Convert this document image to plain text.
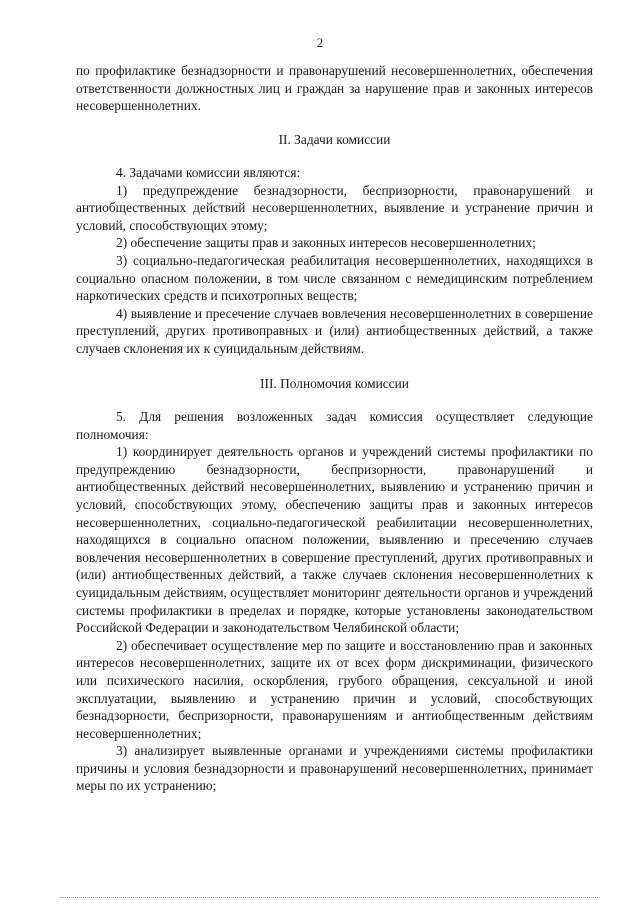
2

по профилактике безнадзорности и правонарушений несовершеннолетних, обеспечения ответственности должностных лиц и граждан за нарушение прав и законных интересов несовершеннолетних.

II. Задачи комиссии

4. Задачами комиссии являются:

1) предупреждение безнадзорности, беспризорности, правонарушений и антиобщественных действий несовершеннолетних, выявление и устранение причин и условий, способствующих этому;

2) обеспечение защиты прав и законных интересов несовершеннолетних;

3) социально-педагогическая реабилитация несовершеннолетних, находящихся в социально опасном положении, в том числе связанном с немедицинским потреблением наркотических средств и психотропных веществ;

4) выявление и пресечение случаев вовлечения несовершеннолетних в совершение преступлений, других противоправных и (или) антиобщественных действий, а также случаев склонения их к суицидальным действиям.

III. Полномочия комиссии

5. Для решения возложенных задач комиссия осуществляет следующие полномочия:

1) координирует деятельность органов и учреждений системы профилактики по предупреждению безнадзорности, беспризорности, правонарушений и антиобщественных действий несовершеннолетних, выявлению и устранению причин и условий, способствующих этому, обеспечению защиты прав и законных интересов несовершеннолетних, социально-педагогической реабилитации несовершеннолетних, находящихся в социально опасном положении, выявлению и пресечению случаев вовлечения несовершеннолетних в совершение преступлений, других противоправных и (или) антиобщественных действий, а также случаев склонения несовершеннолетних к суицидальным действиям, осуществляет мониторинг деятельности органов и учреждений системы профилактики в пределах и порядке, которые установлены законодательством Российской Федерации и законодательством Челябинской области;

2) обеспечивает осуществление мер по защите и восстановлению прав и законных интересов несовершеннолетних, защите их от всех форм дискриминации, физического или психического насилия, оскорбления, грубого обращения, сексуальной и иной эксплуатации, выявлению и устранению причин и условий, способствующих безнадзорности, беспризорности, правонарушениям и антиобщественным действиям несовершеннолетних;

3) анализирует выявленные органами и учреждениями системы профилактики причины и условия безнадзорности и правонарушений несовершеннолетних, принимает меры по их устранению;
